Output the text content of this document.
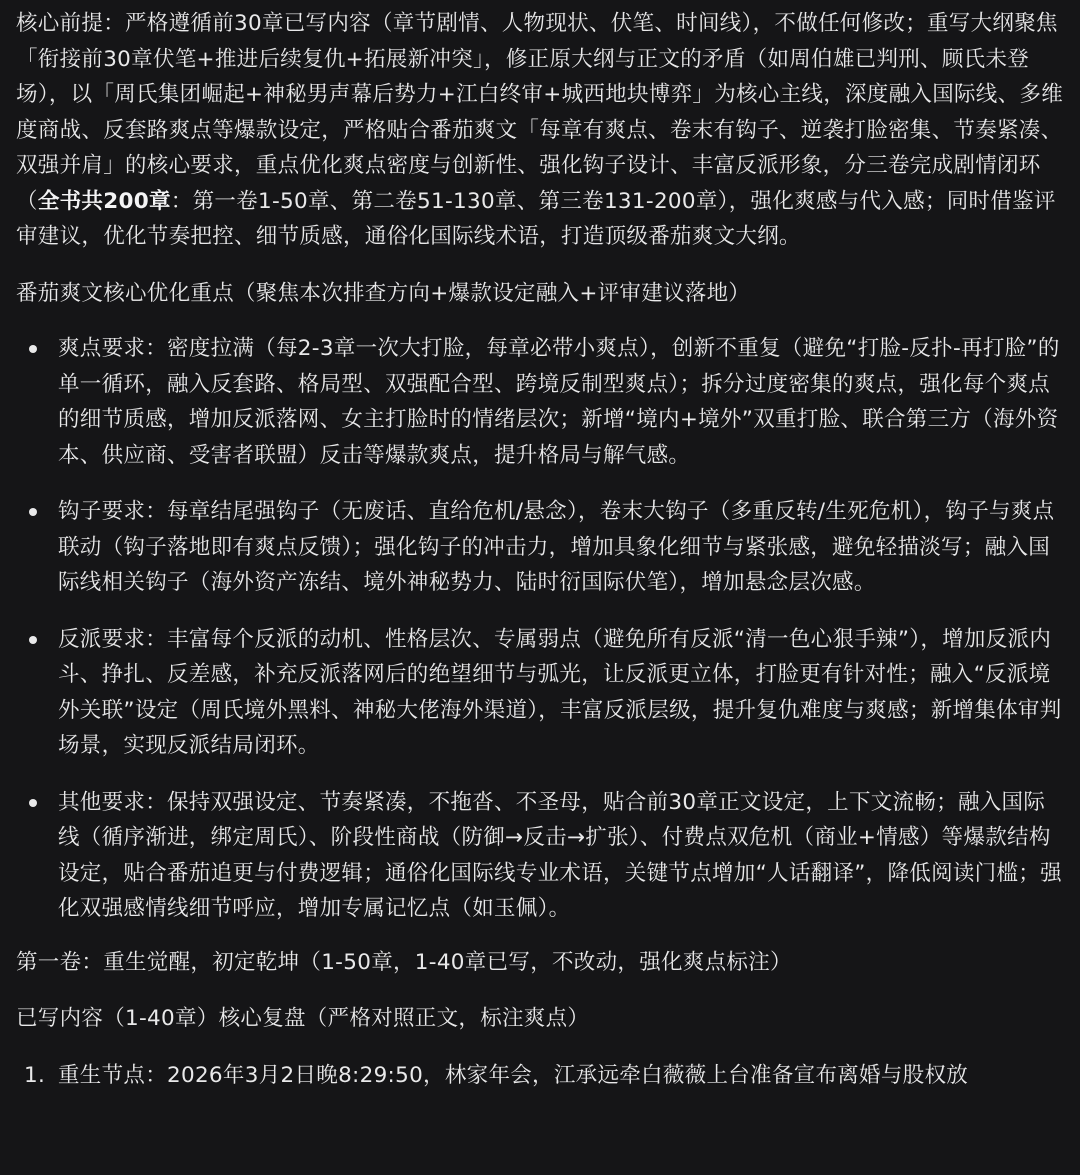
核心前提：严格遵循前30章已写内容（章节剧情、人物现状、伏笔、时间线），不做任何修改；重写大纲聚焦「衔接前30章伏笔+推进后续复仇+拓展新冲突」，修正原大纲与正文的矛盾（如周伯雄已判刑、顾氏未登场），以「周氏集团崛起+神秘男声幕后势力+江白终审+城西地块博弈」为核心主线，深度融入国际线、多维度商战、反套路爽点等爆款设定，严格贴合番茄爽文「每章有爽点、卷末有钩子、逆袭打脸密集、节奏紧凑、双强并肩」的核心要求，重点优化爽点密度与创新性、强化钩子设计、丰富反派形象，分三卷完成剧情闭环（全书共200章：第一卷1-50章、第二卷51-130章、第三卷131-200章），强化爽感与代入感；同时借鉴评审建议，优化节奏把控、细节质感，通俗化国际线术语，打造顶级番茄爽文大纲。

番茄爽文核心优化重点（聚焦本次排查方向+爆款设定融入+评审建议落地）

爽点要求：密度拉满（每2-3章一次大打脸，每章必带小爽点），创新不重复（避免“打脸-反扑-再打脸”的单一循环，融入反套路、格局型、双强配合型、跨境反制型爽点）；拆分过度密集的爽点，强化每个爽点的细节质感，增加反派落网、女主打脸时的情绪层次；新增“境内+境外”双重打脸、联合第三方（海外资本、供应商、受害者联盟）反击等爆款爽点，提升格局与解气感。
钩子要求：每章结尾强钩子（无废话、直给危机/悬念），卷末大钩子（多重反转/生死危机），钩子与爽点联动（钩子落地即有爽点反馈）；强化钩子的冲击力，增加具象化细节与紧张感，避免轻描淡写；融入国际线相关钩子（海外资产冻结、境外神秘势力、陆时衍国际伏笔），增加悬念层次感。
反派要求：丰富每个反派的动机、性格层次、专属弱点（避免所有反派“清一色心狠手辣”），增加反派内斗、挣扎、反差感，补充反派落网后的绝望细节与弧光，让反派更立体，打脸更有针对性；融入“反派境外关联”设定（周氏境外黑料、神秘大佬海外渠道），丰富反派层级，提升复仇难度与爽感；新增集体审判场景，实现反派结局闭环。
其他要求：保持双强设定、节奏紧凑，不拖沓、不圣母，贴合前30章正文设定，上下文流畅；融入国际线（循序渐进，绑定周氏）、阶段性商战（防御→反击→扩张）、付费点双危机（商业+情感）等爆款结构设定，贴合番茄追更与付费逻辑；通俗化国际线专业术语，关键节点增加“人话翻译”，降低阅读门槛；强化双强感情线细节呼应，增加专属记忆点（如玉佩）。

第一卷：重生觉醒，初定乾坤（1-50章，1-40章已写，不改动，强化爽点标注）

已写内容（1-40章）核心复盘（严格对照正文，标注爽点）

1. 重生节点：2026年3月2日晚8:29:50，林家年会，江承远牵白薇薇上台准备宣布离婚与股权放
